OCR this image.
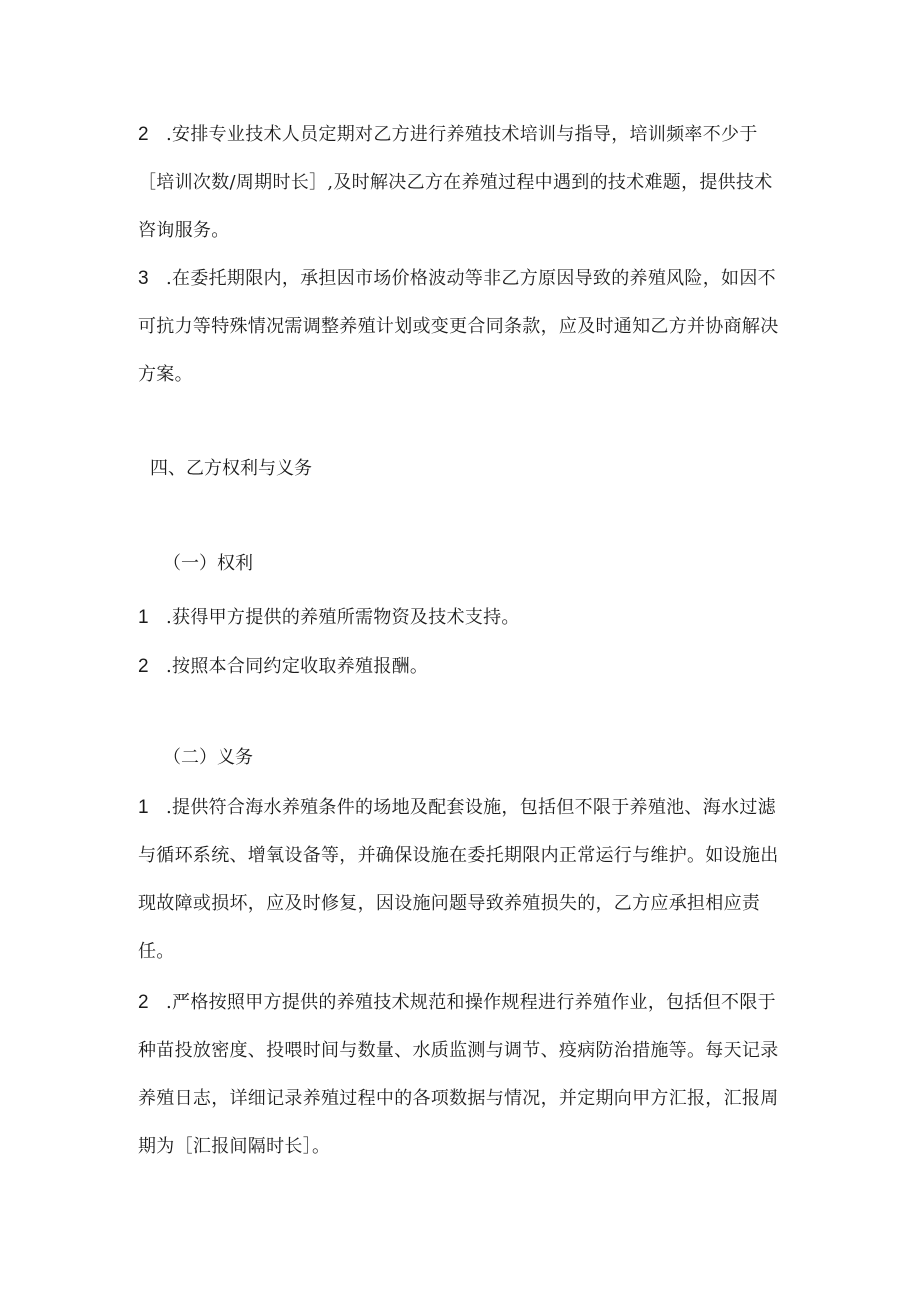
2 .安排专业技术人员定期对乙方进行养殖技术培训与指导，培训频率不少于［培训次数/周期时长］,及时解决乙方在养殖过程中遇到的技术难题，提供技术咨询服务。

3 .在委托期限内，承担因市场价格波动等非乙方原因导致的养殖风险，如因不可抗力等特殊情况需调整养殖计划或变更合同条款，应及时通知乙方并协商解决方案。

四、乙方权利与义务
（一）权利

1 .获得甲方提供的养殖所需物资及技术支持。

2 .按照本合同约定收取养殖报酬。

（二）义务

1 .提供符合海水养殖条件的场地及配套设施，包括但不限于养殖池、海水过滤与循环系统、增氧设备等，并确保设施在委托期限内正常运行与维护。如设施出现故障或损坏，应及时修复，因设施问题导致养殖损失的，乙方应承担相应责任。

2 .严格按照甲方提供的养殖技术规范和操作规程进行养殖作业，包括但不限于种苗投放密度、投喂时间与数量、水质监测与调节、疫病防治措施等。每天记录养殖日志，详细记录养殖过程中的各项数据与情况，并定期向甲方汇报，汇报周期为［汇报间隔时长］。
